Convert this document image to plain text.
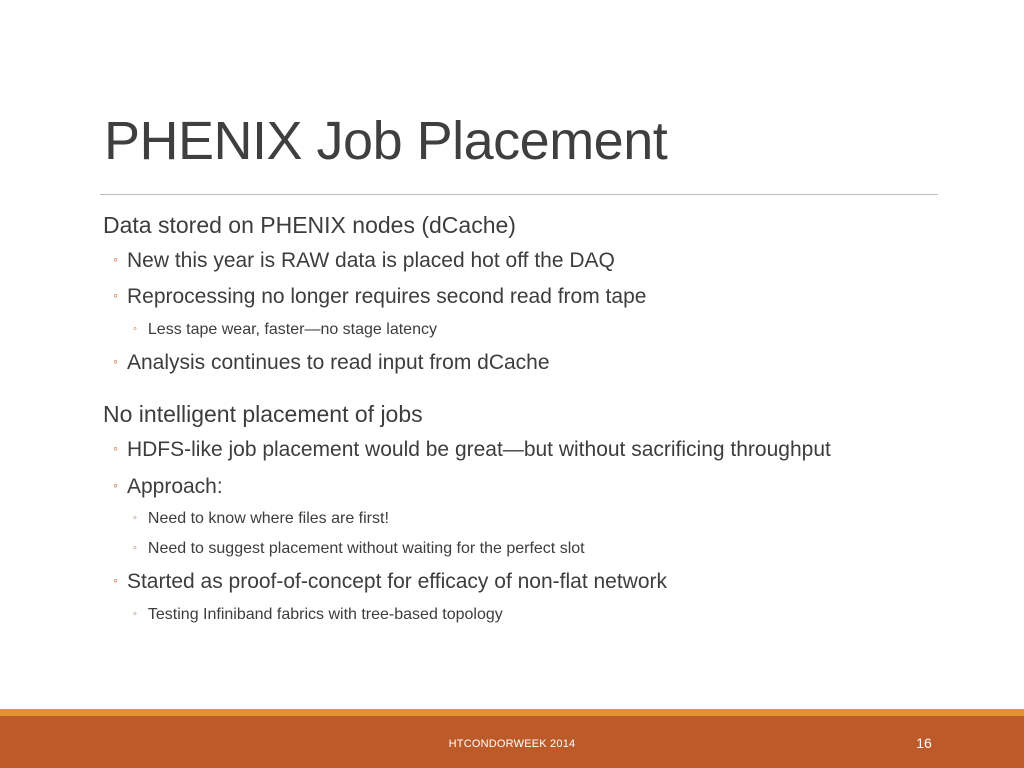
PHENIX Job Placement
Data stored on PHENIX nodes (dCache)
◦ New this year is RAW data is placed hot off the DAQ
◦ Reprocessing no longer requires second read from tape
◦ Less tape wear, faster—no stage latency
◦ Analysis continues to read input from dCache
No intelligent placement of jobs
◦ HDFS-like job placement would be great—but without sacrificing throughput
◦ Approach:
◦ Need to know where files are first!
◦ Need to suggest placement without waiting for the perfect slot
◦ Started as proof-of-concept for efficacy of non-flat network
◦ Testing Infiniband fabrics with tree-based topology
HTCONDORWEEK 2014	16
